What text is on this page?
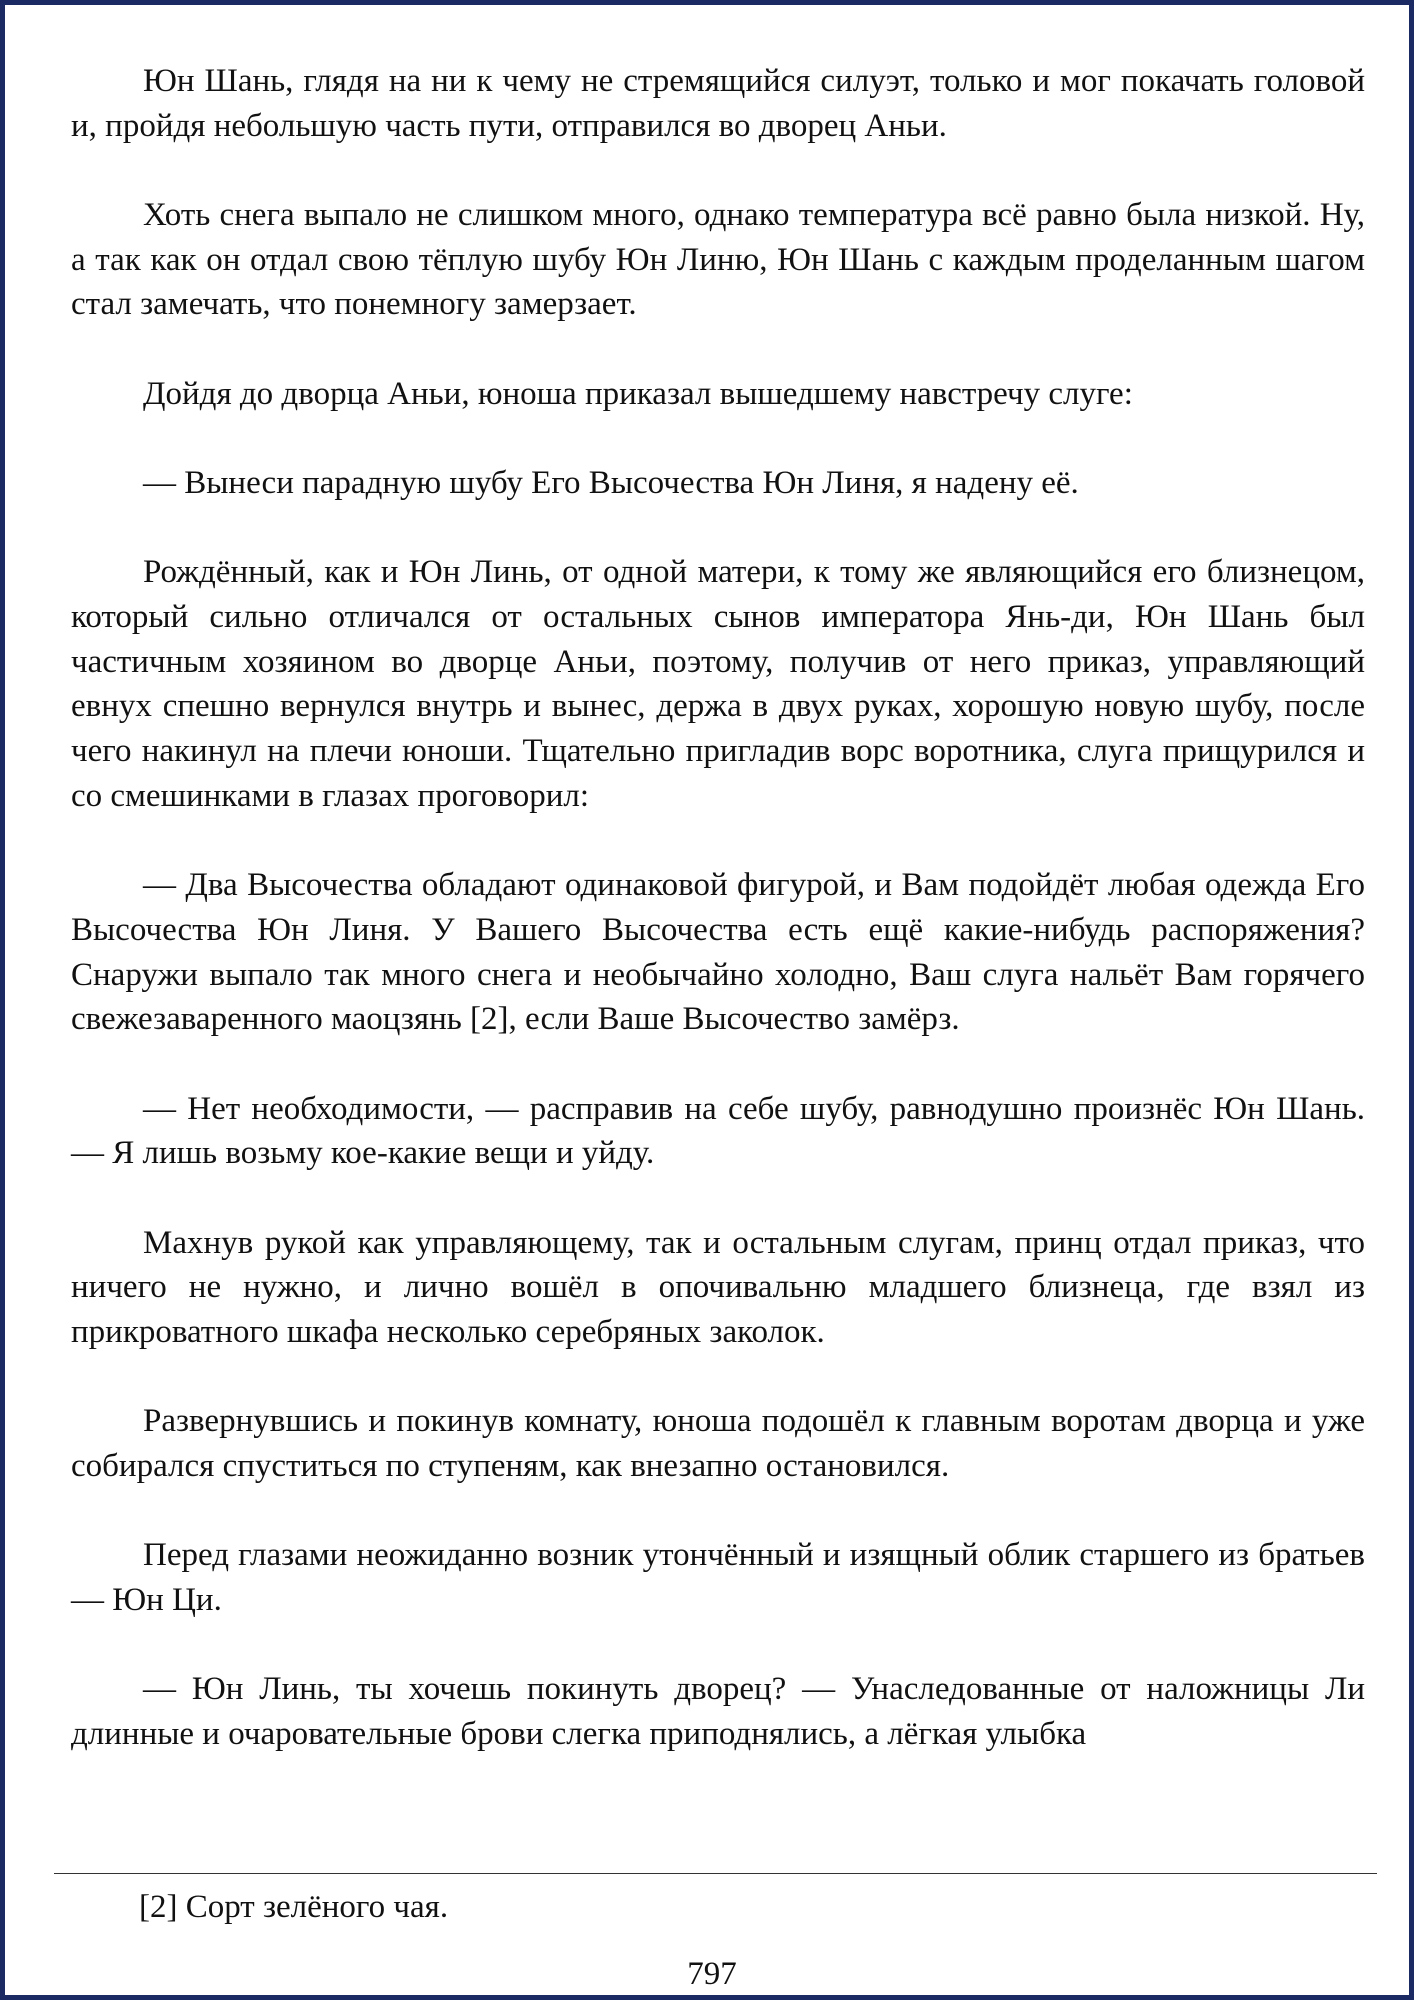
Юн Шань, глядя на ни к чему не стремящийся силуэт, только и мог покачать головой и, пройдя небольшую часть пути, отправился во дворец Аньи.

Хоть снега выпало не слишком много, однако температура всё равно была низкой. Ну, а так как он отдал свою тёплую шубу Юн Линю, Юн Шань с каждым проделанным шагом стал замечать, что понемногу замерзает.

Дойдя до дворца Аньи, юноша приказал вышедшему навстречу слуге:

— Вынеси парадную шубу Его Высочества Юн Линя, я надену её.

Рождённый, как и Юн Линь, от одной матери, к тому же являющийся его близнецом, который сильно отличался от остальных сынов императора Янь-ди, Юн Шань был частичным хозяином во дворце Аньи, поэтому, получив от него приказ, управляющий евнух спешно вернулся внутрь и вынес, держа в двух руках, хорошую новую шубу, после чего накинул на плечи юноши. Тщательно пригладив ворс воротника, слуга прищурился и со смешинками в глазах проговорил:

— Два Высочества обладают одинаковой фигурой, и Вам подойдёт любая одежда Его Высочества Юн Линя. У Вашего Высочества есть ещё какие-нибудь распоряжения? Снаружи выпало так много снега и необычайно холодно, Ваш слуга нальёт Вам горячего свежезаваренного маоцзянь [2], если Ваше Высочество замёрз.

— Нет необходимости, — расправив на себе шубу, равнодушно произнёс Юн Шань. — Я лишь возьму кое-какие вещи и уйду.

Махнув рукой как управляющему, так и остальным слугам, принц отдал приказ, что ничего не нужно, и лично вошёл в опочивальню младшего близнеца, где взял из прикроватного шкафа несколько серебряных заколок.

Развернувшись и покинув комнату, юноша подошёл к главным воротам дворца и уже собирался спуститься по ступеням, как внезапно остановился.

Перед глазами неожиданно возник утончённый и изящный облик старшего из братьев — Юн Ци.

— Юн Линь, ты хочешь покинуть дворец? — Унаследованные от наложницы Ли длинные и очаровательные брови слегка приподнялись, а лёгкая улыбка

[2] Сорт зелёного чая.
797
